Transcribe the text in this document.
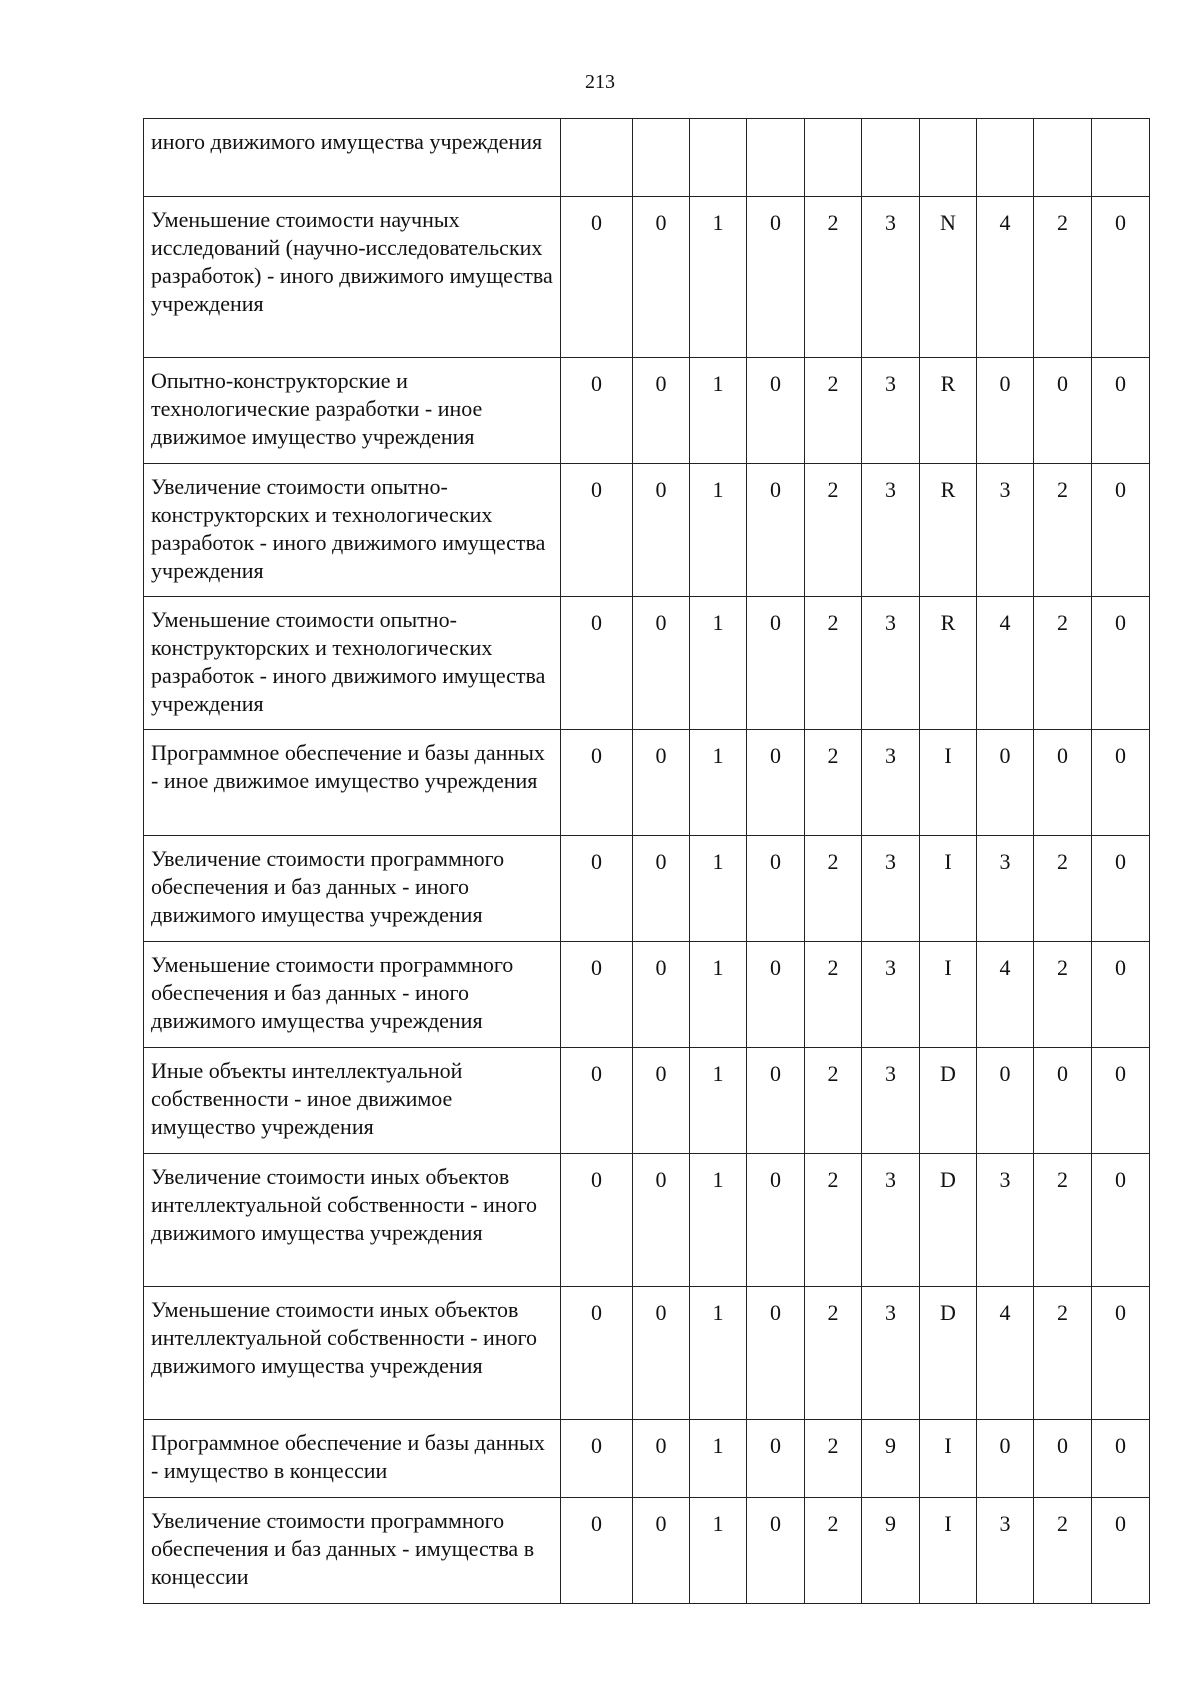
213
иного движимого имущества учреждения										
Уменьшение стоимости научных исследований (научно-исследовательских разработок) - иного движимого имущества учреждения	0	0	1	0	2	3	N	4	2	0
Опытно-конструкторские и технологические разработки - иное движимое имущество учреждения	0	0	1	0	2	3	R	0	0	0
Увеличение стоимости опытно-конструкторских и технологических разработок - иного движимого имущества учреждения	0	0	1	0	2	3	R	3	2	0
Уменьшение стоимости опытно-конструкторских и технологических разработок - иного движимого имущества учреждения	0	0	1	0	2	3	R	4	2	0
Программное обеспечение и базы данных - иное движимое имущество учреждения	0	0	1	0	2	3	I	0	0	0
Увеличение стоимости программного обеспечения и баз данных - иного движимого имущества учреждения	0	0	1	0	2	3	I	3	2	0
Уменьшение стоимости программного обеспечения и баз данных - иного движимого имущества учреждения	0	0	1	0	2	3	I	4	2	0
Иные объекты интеллектуальной собственности - иное движимое имущество учреждения	0	0	1	0	2	3	D	0	0	0
Увеличение стоимости иных объектов интеллектуальной собственности - иного движимого имущества учреждения	0	0	1	0	2	3	D	3	2	0
Уменьшение стоимости иных объектов интеллектуальной собственности - иного движимого имущества учреждения	0	0	1	0	2	3	D	4	2	0
Программное обеспечение и базы данных - имущество в концессии	0	0	1	0	2	9	I	0	0	0
Увеличение стоимости программного обеспечения и баз данных - имущества в концессии	0	0	1	0	2	9	I	3	2	0
